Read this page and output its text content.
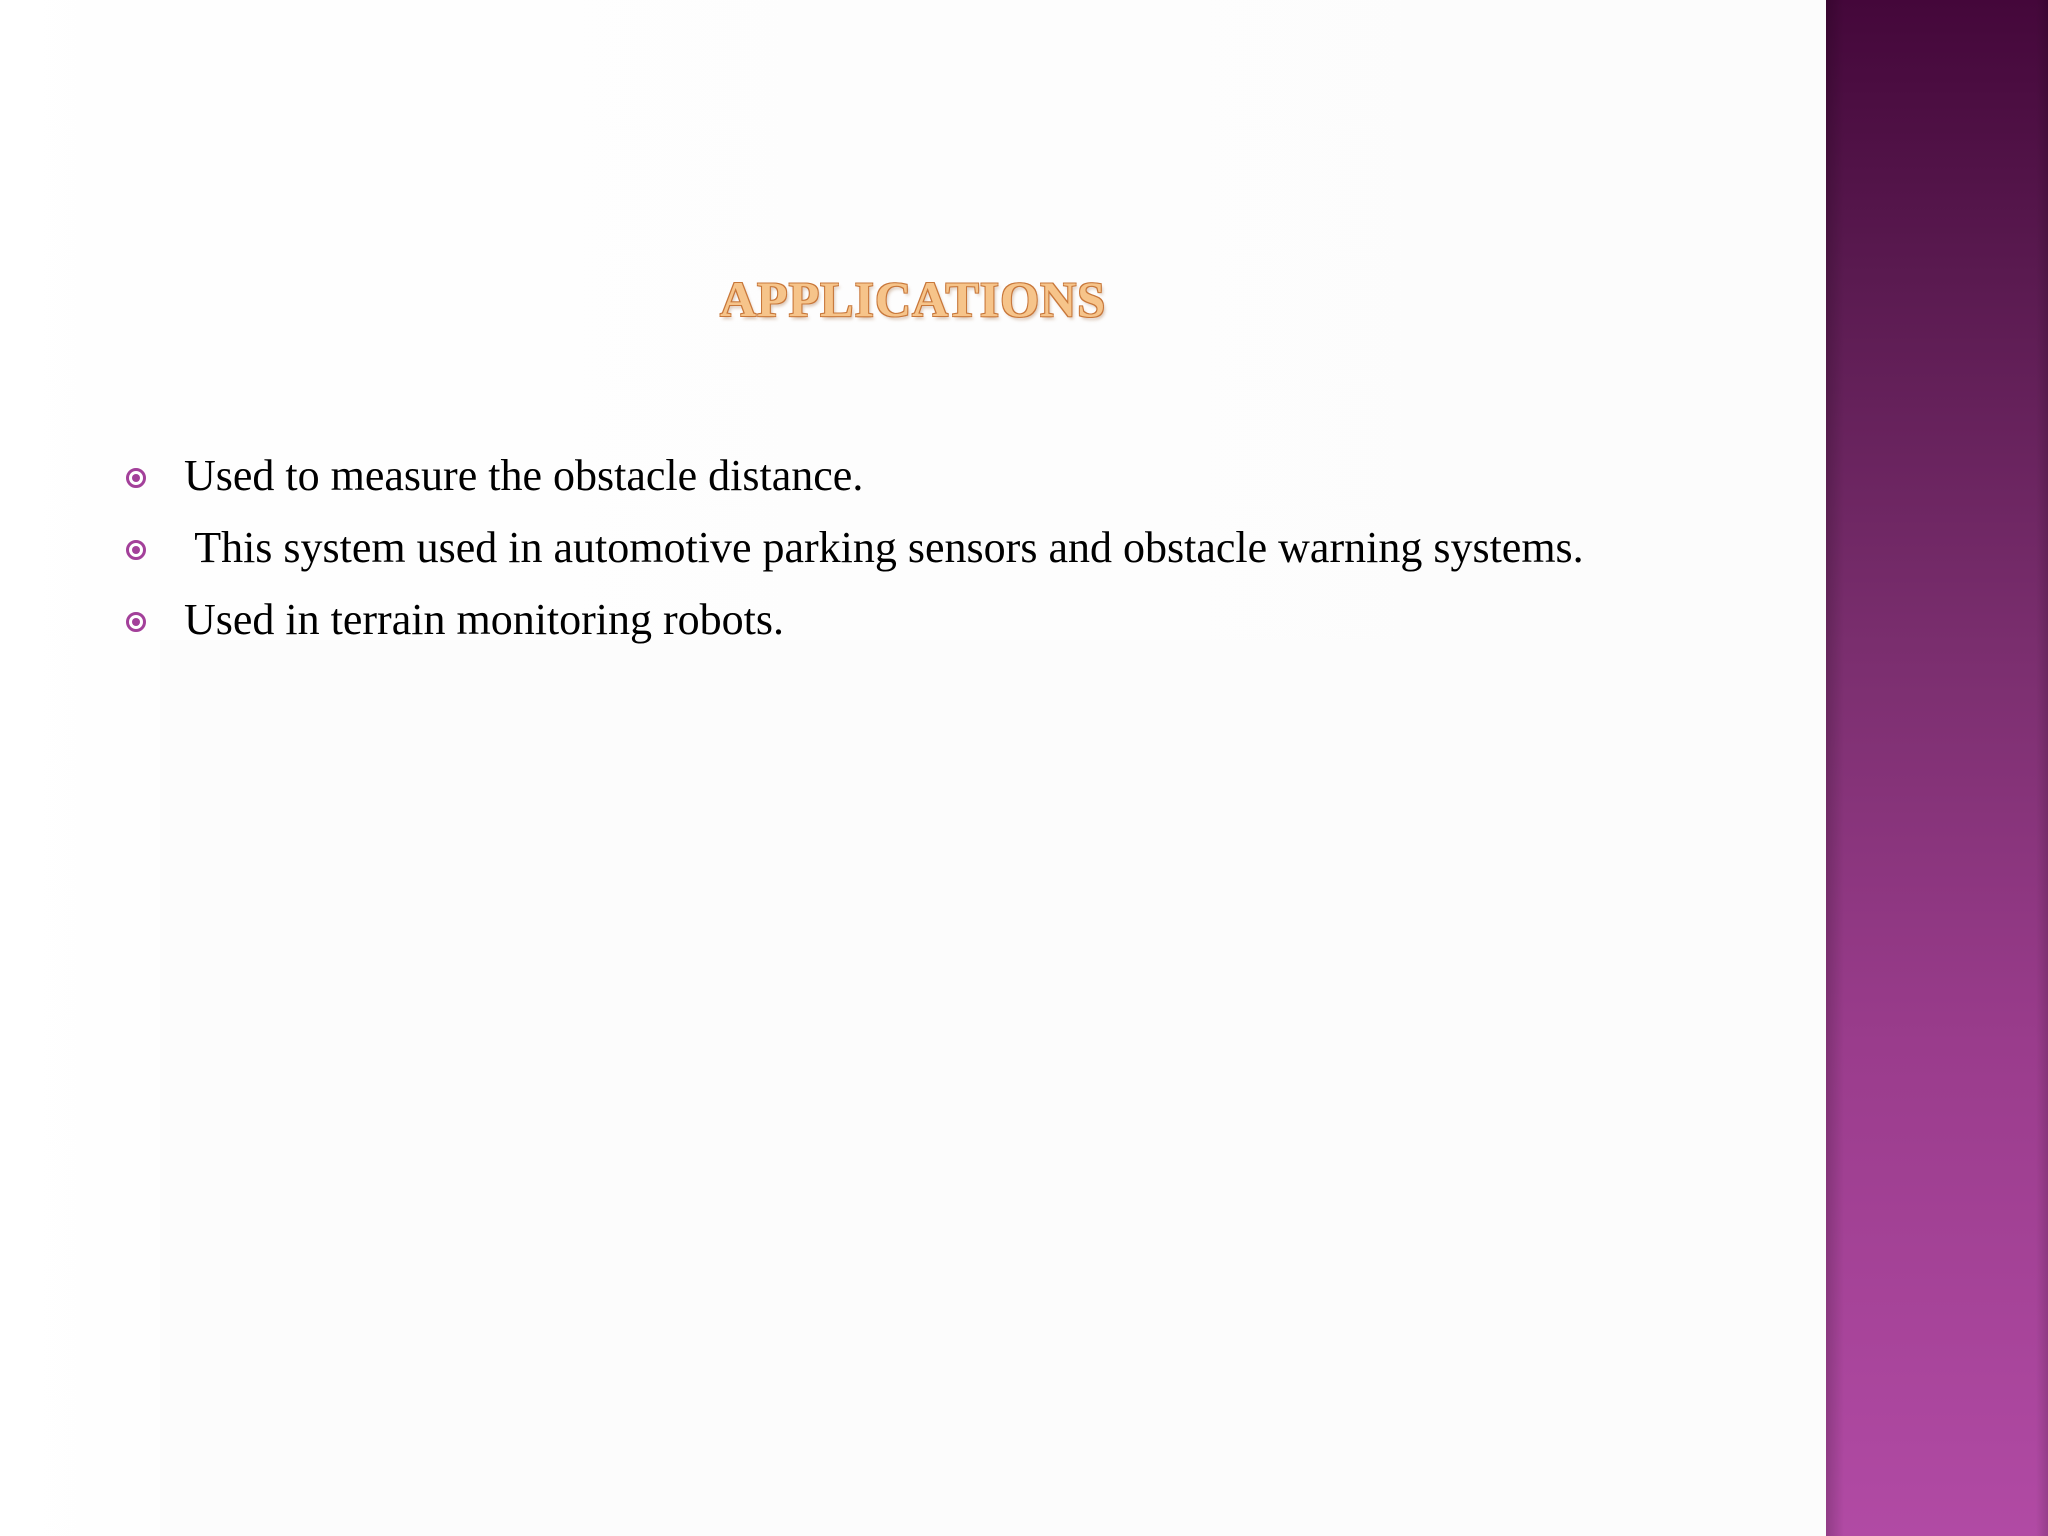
APPLICATIONS
Used to measure the obstacle distance.
This system used in automotive parking sensors and obstacle warning systems.
Used in terrain monitoring robots.
